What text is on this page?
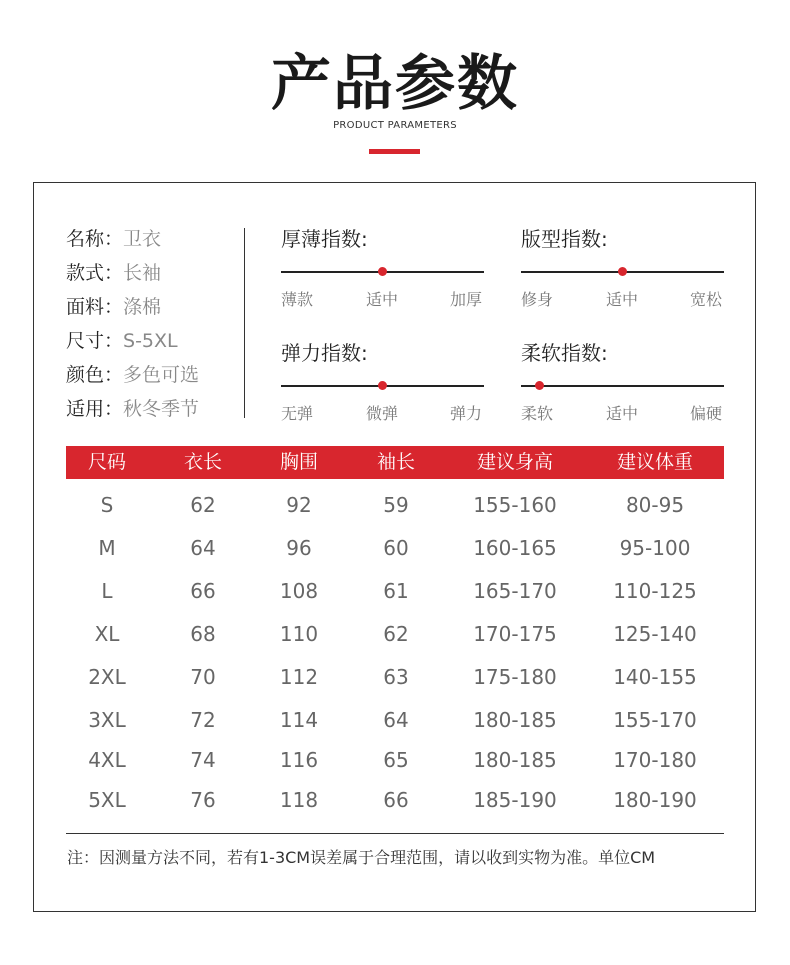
产品参数
PRODUCT PARAMETERS
名称：卫衣
款式：长袖
面料：涤棉
尺寸：S-5XL
颜色：多色可选
适用：秋冬季节
厚薄指数:
薄款	适中	加厚
版型指数:
修身	适中	宽松
弹力指数:
无弹	微弹	弹力
柔软指数:
柔软	适中	偏硬
尺码	衣长	胸围	袖长	建议身高	建议体重
S	62	92	59	155-160	80-95
M	64	96	60	160-165	95-100
L	66	108	61	165-170	110-125
XL	68	110	62	170-175	125-140
2XL	70	112	63	175-180	140-155
3XL	72	114	64	180-185	155-170
4XL	74	116	65	180-185	170-180
5XL	76	118	66	185-190	180-190
注：因测量方法不同，若有1-3CM误差属于合理范围，请以收到实物为准。单位CM
